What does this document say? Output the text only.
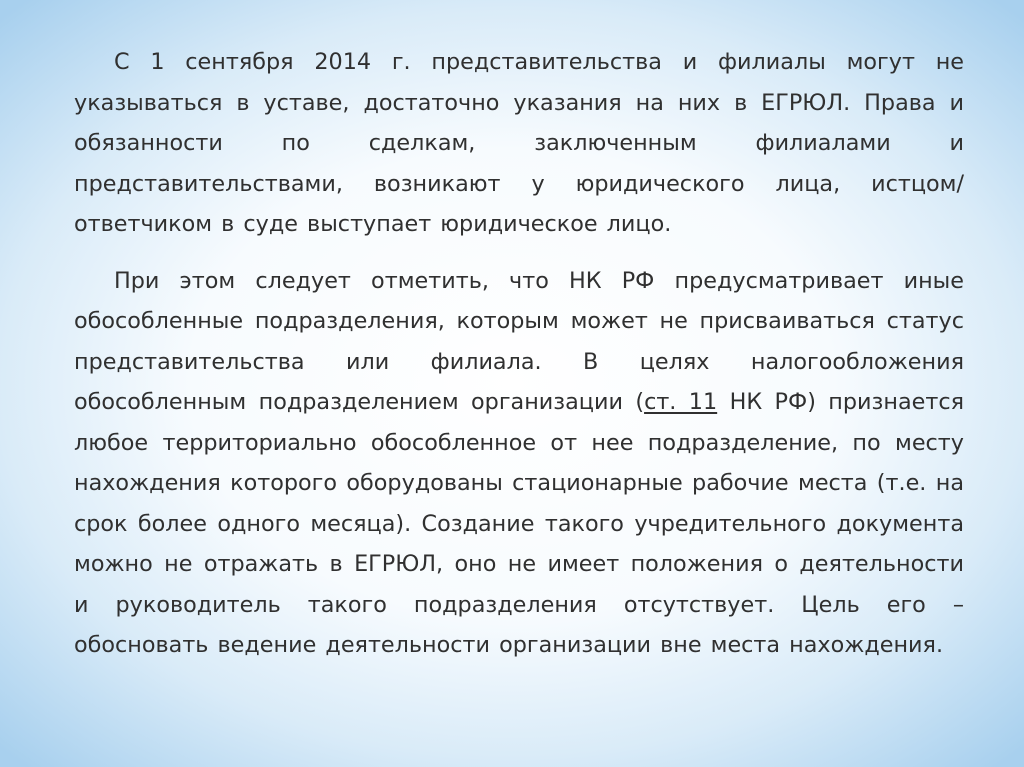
С 1 сентября 2014 г. представительства и филиалы могут не указываться в уставе, достаточно указания на них в ЕГРЮЛ. Права и обязанности по сделкам, заключенным филиалами и представительствами, возникают у юридического лица, истцом/ответчиком в суде выступает юридическое лицо.

При этом следует отметить, что НК РФ предусматривает иные обособленные подразделения, которым может не присваиваться статус представительства или филиала. В целях налогообложения обособленным подразделением организации (ст. 11 НК РФ) признается любое территориально обособленное от нее подразделение, по месту нахождения которого оборудованы стационарные рабочие места (т.е. на срок более одного месяца). Создание такого учредительного документа можно не отражать в ЕГРЮЛ, оно не имеет положения о деятельности и руководитель такого подразделения отсутствует. Цель его – обосновать ведение деятельности организации вне места нахождения.
